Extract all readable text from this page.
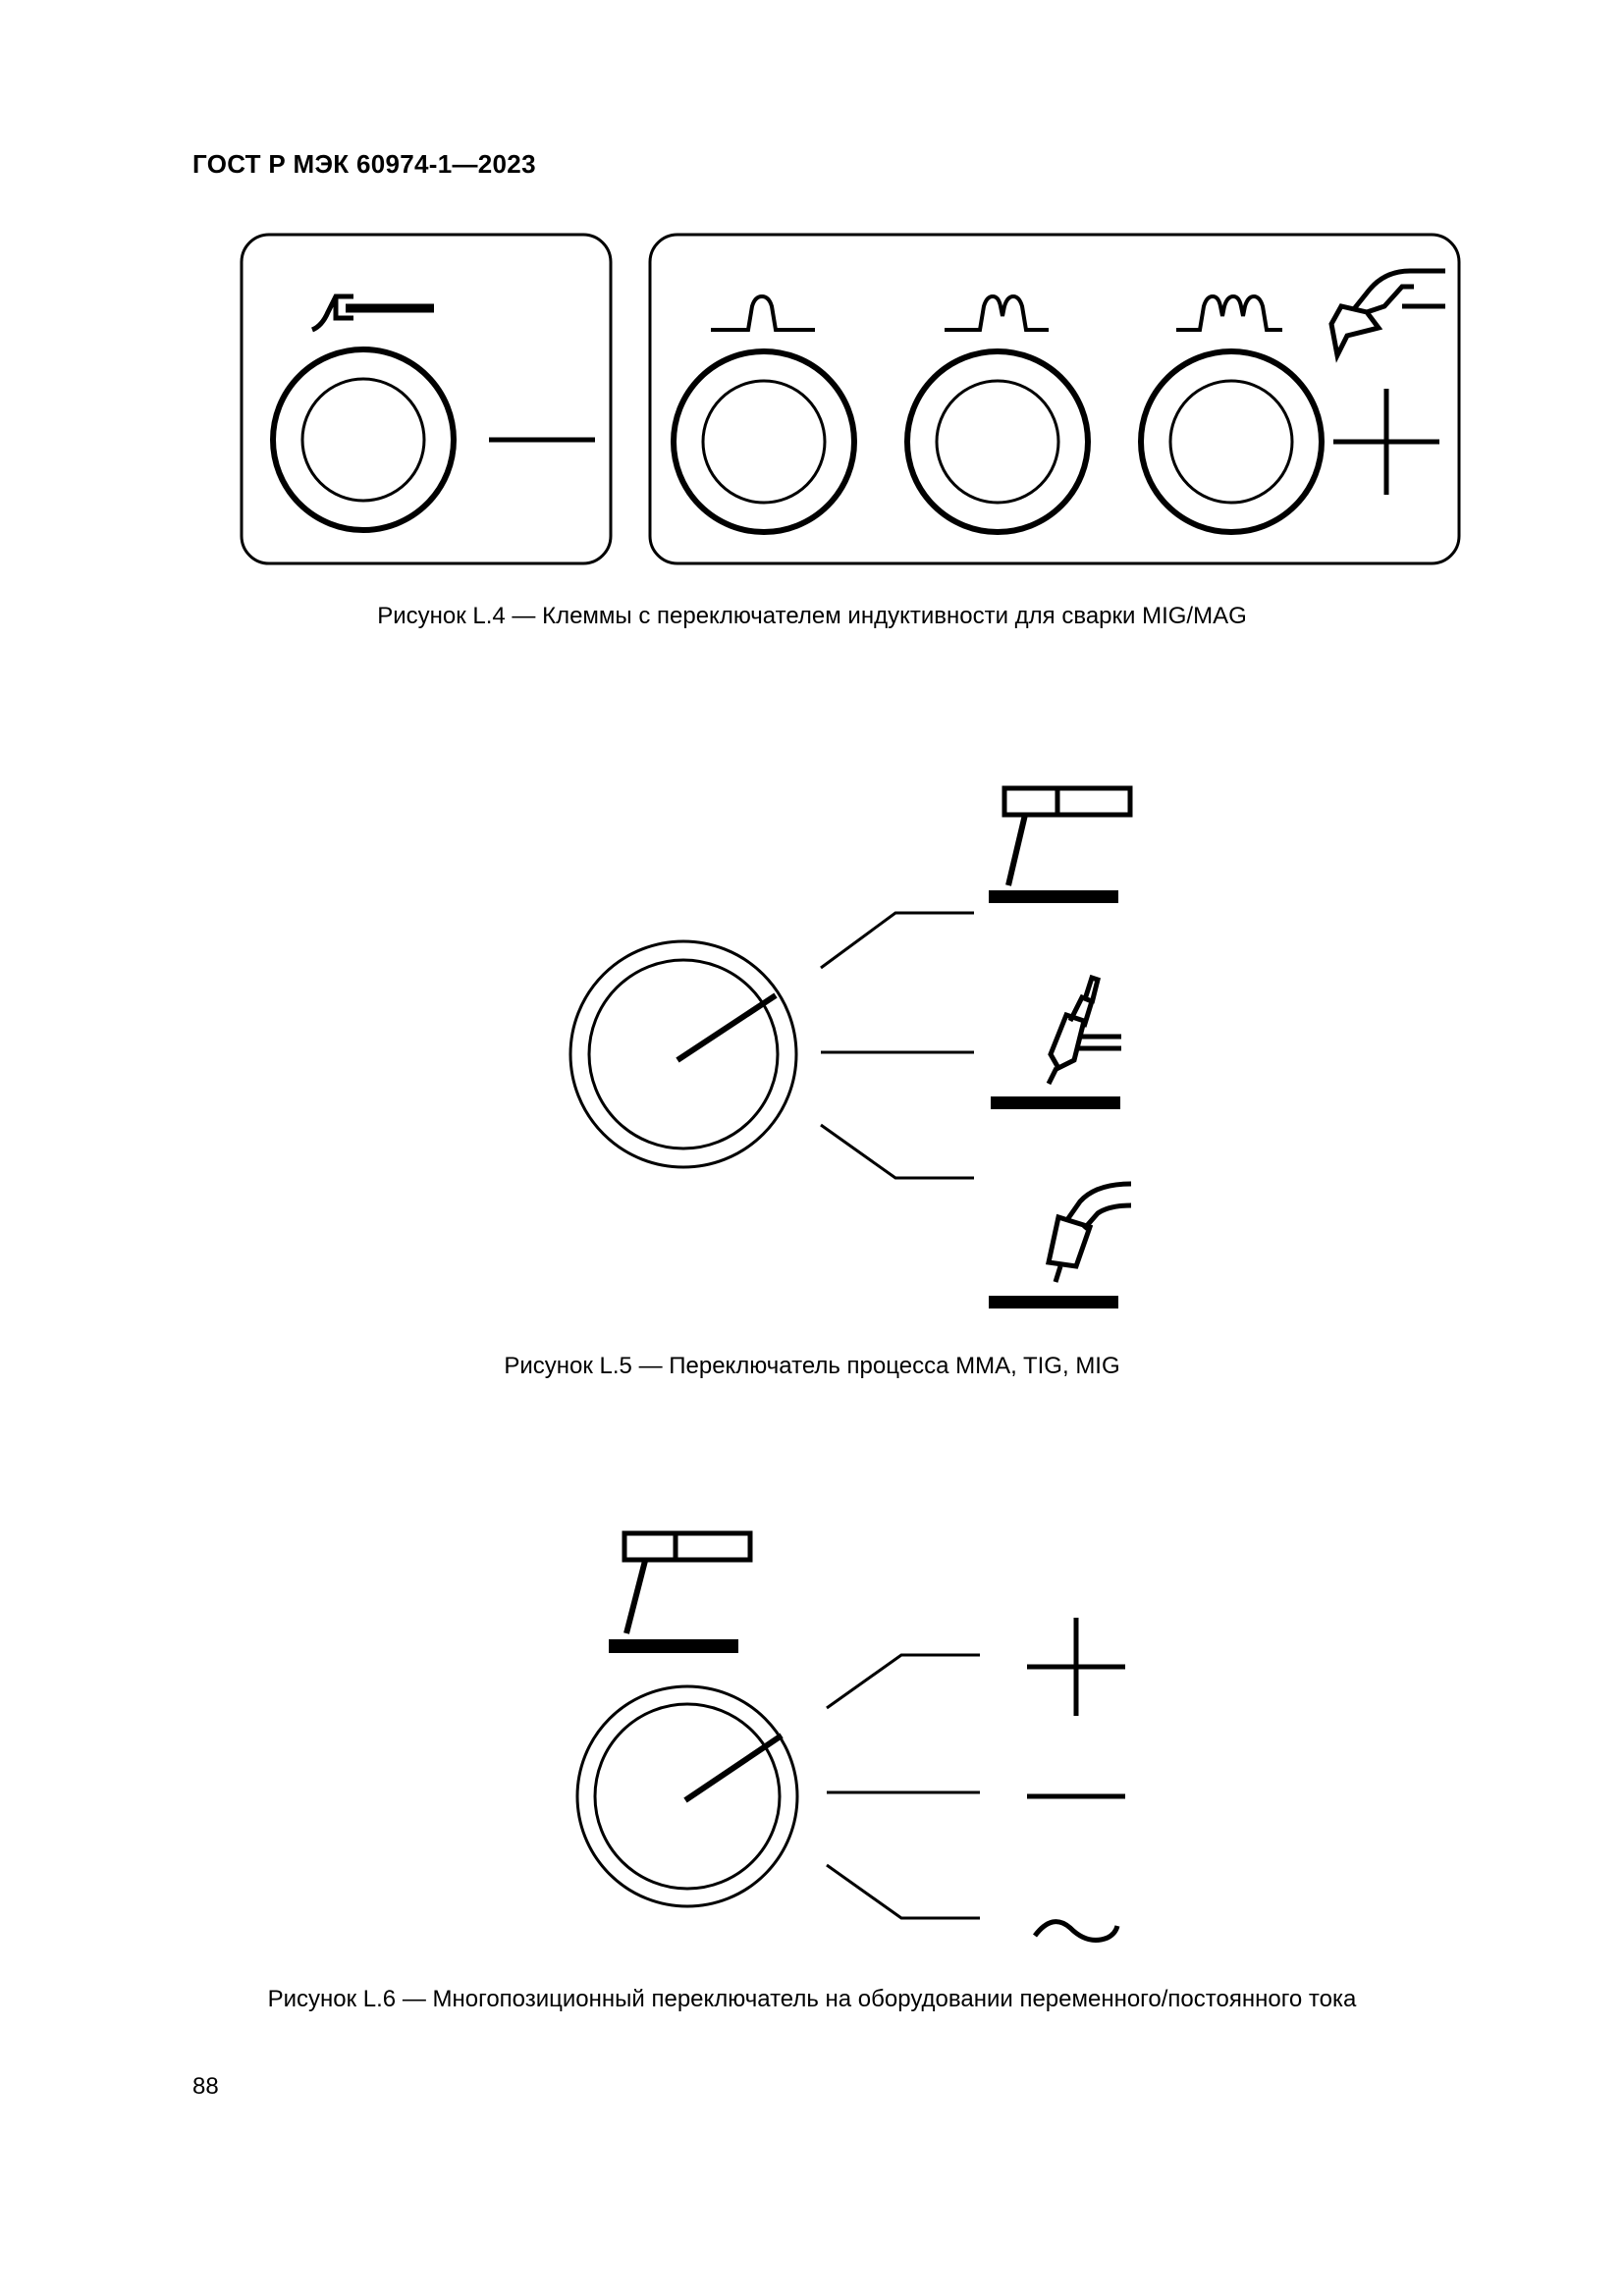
ГОСТ Р МЭК 60974-1—2023
Рисунок L.4 — Клеммы с переключателем индуктивности для сварки MIG/MAG
Рисунок L.5 — Переключатель процесса MMA, TIG, MIG
Рисунок L.6 — Многопозиционный переключатель на оборудовании переменного/постоянного тока
88
